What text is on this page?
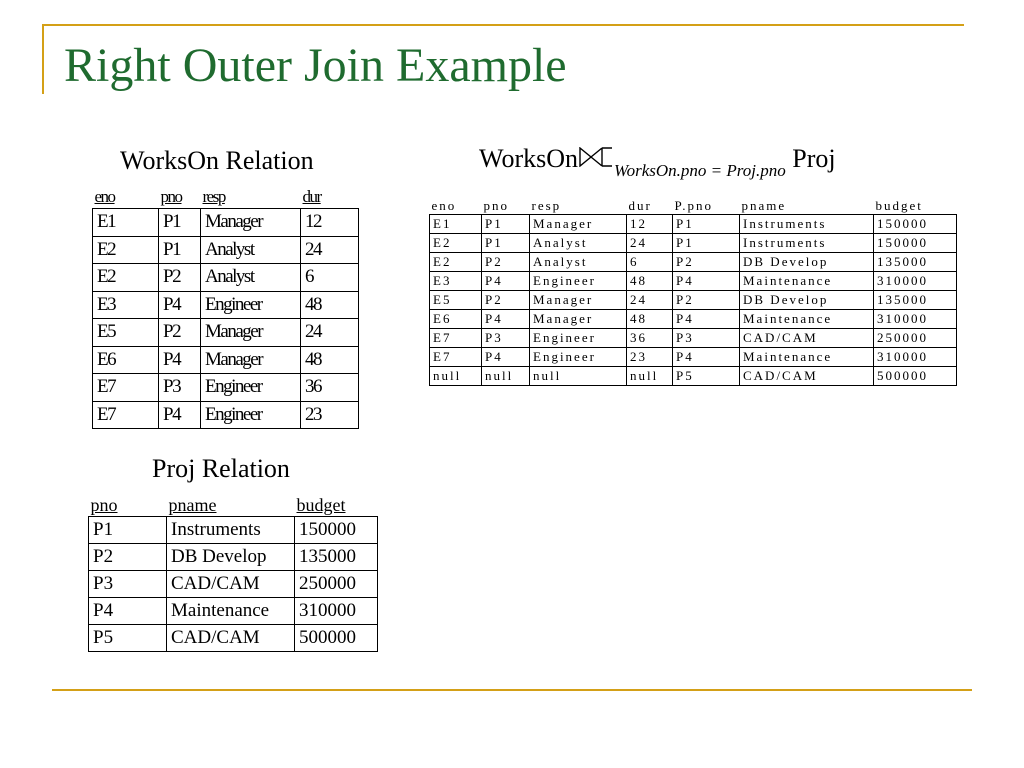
Right Outer Join Example
WorksOn Relation
eno	pno	resp	dur
E1	P1	Manager	12
E2	P1	Analyst	24
E2	P2	Analyst	6
E3	P4	Engineer	48
E5	P2	Manager	24
E6	P4	Manager	48
E7	P3	Engineer	36
E7	P4	Engineer	23
Proj Relation
pno	pname	budget
P1	Instruments	150000
P2	DB Develop	135000
P3	CAD/CAM	250000
P4	Maintenance	310000
P5	CAD/CAM	500000
WorksOn $_{WorksOn.pno = Proj.pno}$ Proj
eno	pno	resp	dur	P.pno	pname	budget
E1	P1	Manager	12	P1	Instruments	150000
E2	P1	Analyst	24	P1	Instruments	150000
E2	P2	Analyst	6	P2	DB Develop	135000
E3	P4	Engineer	48	P4	Maintenance	310000
E5	P2	Manager	24	P2	DB Develop	135000
E6	P4	Manager	48	P4	Maintenance	310000
E7	P3	Engineer	36	P3	CAD/CAM	250000
E7	P4	Engineer	23	P4	Maintenance	310000
null	null	null	null	P5	CAD/CAM	500000
